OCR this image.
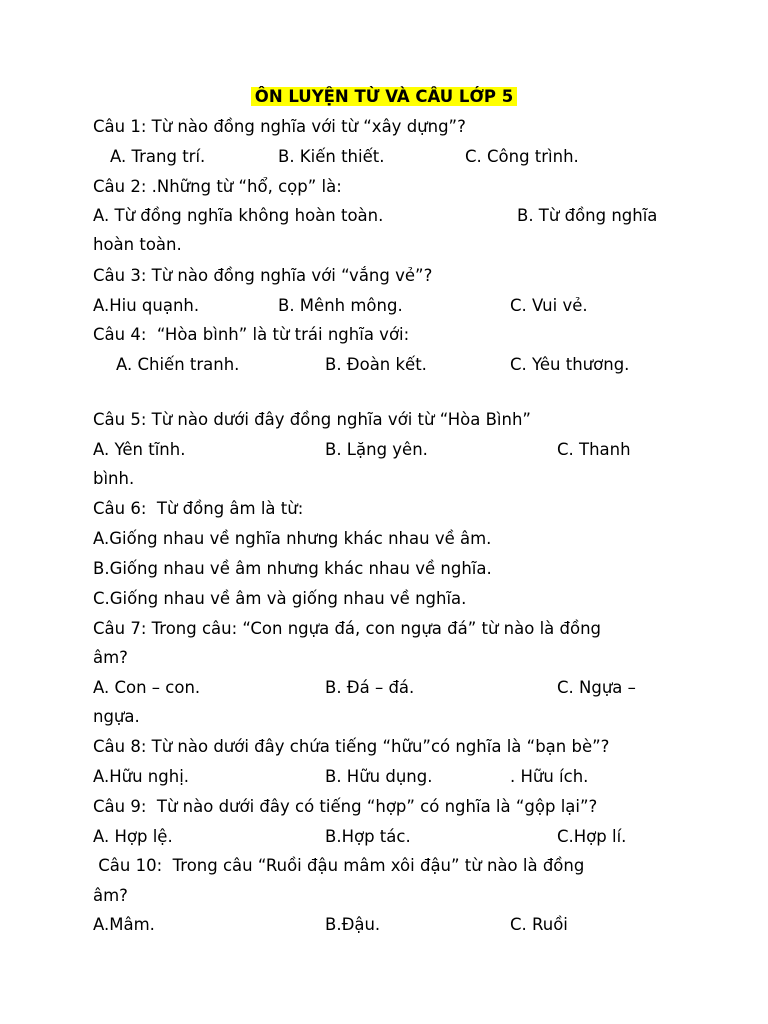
ÔN LUYỆN TỪ VÀ CÂU LỚP 5
Câu 1: Từ nào đồng nghĩa với từ “xây dựng”?
A. Trang trí.	B. Kiến thiết.	C. Công trình.
Câu 2: .Những từ “hổ, cọp” là:
A. Từ đồng nghĩa không hoàn toàn.	B. Từ đồng nghĩa
hoàn toàn.
Câu 3: Từ nào đồng nghĩa với “vắng vẻ”?
A.Hiu quạnh.	B. Mênh mông.	C. Vui vẻ.
Câu 4:  “Hòa bình” là từ trái nghĩa với:
A. Chiến tranh.	B. Đoàn kết.	C. Yêu thương.
Câu 5: Từ nào dưới đây đồng nghĩa với từ “Hòa Bình”
A. Yên tĩnh.	B. Lặng yên.	C. Thanh
bình.
Câu 6:  Từ đồng âm là từ:
A.Giống nhau về nghĩa nhưng khác nhau về âm.
B.Giống nhau về âm nhưng khác nhau về nghĩa.
C.Giống nhau về âm và giống nhau về nghĩa.
Câu 7: Trong câu: “Con ngựa đá, con ngựa đá” từ nào là đồng
âm?
A. Con – con.	B. Đá – đá.	C. Ngựa –
ngựa.
Câu 8: Từ nào dưới đây chứa tiếng “hữu”có nghĩa là “bạn bè”?
A.Hữu nghị.	B. Hữu dụng.	. Hữu ích.
Câu 9:  Từ nào dưới đây có tiếng “hợp” có nghĩa là “gộp lại”?
A. Hợp lệ.	B.Hợp tác.	C.Hợp lí.
Câu 10:  Trong câu “Ruồi đậu mâm xôi đậu” từ nào là đồng
âm?
A.Mâm.	B.Đậu.	C. Ruồi
